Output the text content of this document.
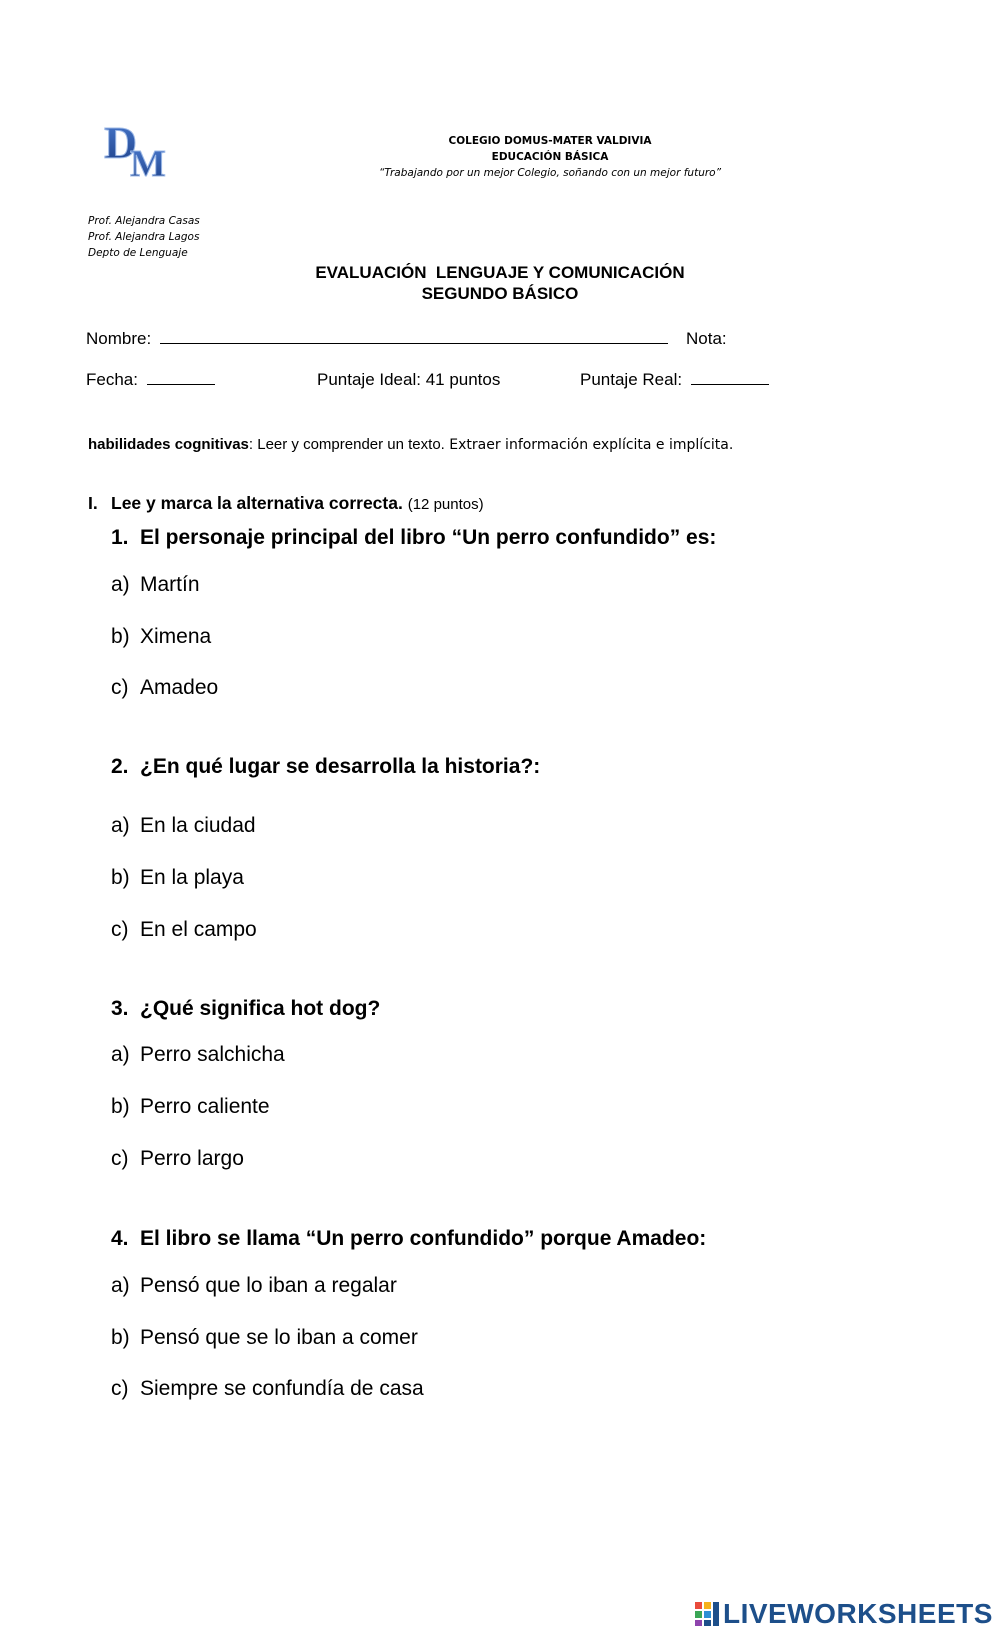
D
M
COLEGIO DOMUS-MATER VALDIVIA
EDUCACIÓN BÁSICA
“Trabajando por un mejor Colegio, soñando con un mejor futuro”
Prof. Alejandra Casas
Prof. Alejandra Lagos
Depto de Lenguaje
EVALUACIÓN  LENGUAJE Y COMUNICACIÓN
SEGUNDO BÁSICO
Nombre:	Nota:
Fecha:	Puntaje Ideal: 41 puntos	Puntaje Real:
habilidades cognitivas: Leer y comprender un texto. Extraer información explícita e implícita.
I. Lee y marca la alternativa correcta. (12 puntos)
1. El personaje principal del libro “Un perro confundido” es:
a) Martín
b) Ximena
c) Amadeo
2. ¿En qué lugar se desarrolla la historia?:
a) En la ciudad
b) En la playa
c) En el campo
3. ¿Qué significa hot dog?
a) Perro salchicha
b) Perro caliente
c) Perro largo
4. El libro se llama “Un perro confundido” porque Amadeo:
a) Pensó que lo iban a regalar
b) Pensó que se lo iban a comer
c) Siempre se confundía de casa
LIVEWORKSHEETS
